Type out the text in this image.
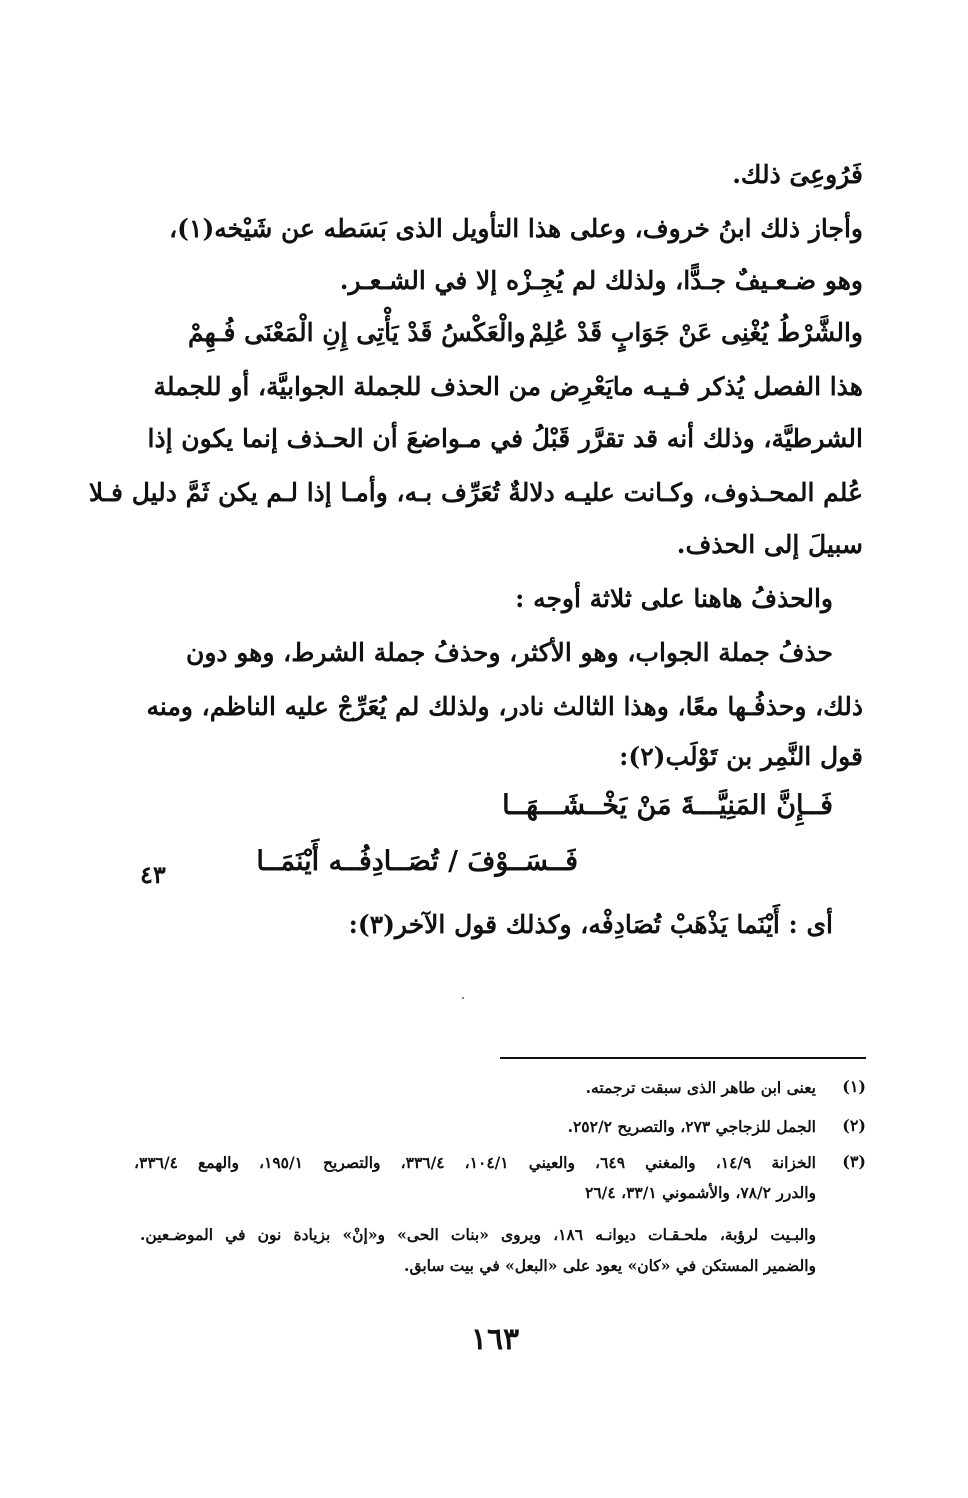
فَرُوعِىَ ذلك.
وأجاز ذلك ابنُ خروف، وعلى هذا التأويل الذى بَسَطه عن شَيْخه(١)،
وهو ضـعـيفٌ جـدًّا، ولذلك لم يُجِـزْه إلا في الشـعـر.
والشَّرْطُ يُغْنِى عَنْ جَوَابٍ قَدْ عُلِمْ
والْعَكْسُ قَدْ يَأْتِى إِنِ الْمَعْنَى فُـهِمْ
هذا الفصل يُذكر فـيـه مايَعْرِض من الحذف للجملة الجوابيَّة، أو للجملة
الشرطيَّة، وذلك أنه قد تقرَّر قَبْلُ في مـواضعَ أن الحـذف إنما يكون إذا
عُلم المحـذوف، وكـانت عليـه دلالةٌ تُعَرِّف بـه، وأمـا إذا لـم يكن ثَمَّ دليل فـلا
سبيلَ إلى الحذف.
والحذفُ هاهنا على ثلاثة أوجه :
حذفُ جملة الجواب، وهو الأكثر، وحذفُ جملة الشرط، وهو دون
ذلك، وحذفُـها معًا، وهذا الثالث نادر، ولذلك لم يُعَرِّجْ عليه الناظم، ومنه
قول النَّمِر بن تَوْلَب(٢):
فَــإِنَّ المَنِيَّـــةَ مَنْ يَخْــشَـــهَــا
فَــسَــوْفَ / تُصَــادِفُــه أَيْنَمَــا
٤٣
أى : أَيْنَما يَذْهَبْ تُصَادِفْه، وكذلك قول الآخر(٣):
(١)
يعنى ابن طاهر الذى سبقت ترجمته.
(٢)
الجمل للزجاجي ٢٧٣، والتصريح ٢٥٢/٢.
(٣)
الخزانة ١٤/٩، والمغني ٦٤٩، والعيني ١٠٤/١، ٣٣٦/٤، والتصريح ١٩٥/١، والهمع ٣٣٦/٤،
والدرر ٧٨/٢، والأشموني ٣٣/١، ٢٦/٤
والبـيت لرؤبة، ملحـقـات ديوانـه ١٨٦، ويروى «بنات الحى» و«إنْ» بزيادة نون في الموضـعين.
والضمير المستكن في «كان» يعود على «البعل» في بيت سابق.
١٦٣
